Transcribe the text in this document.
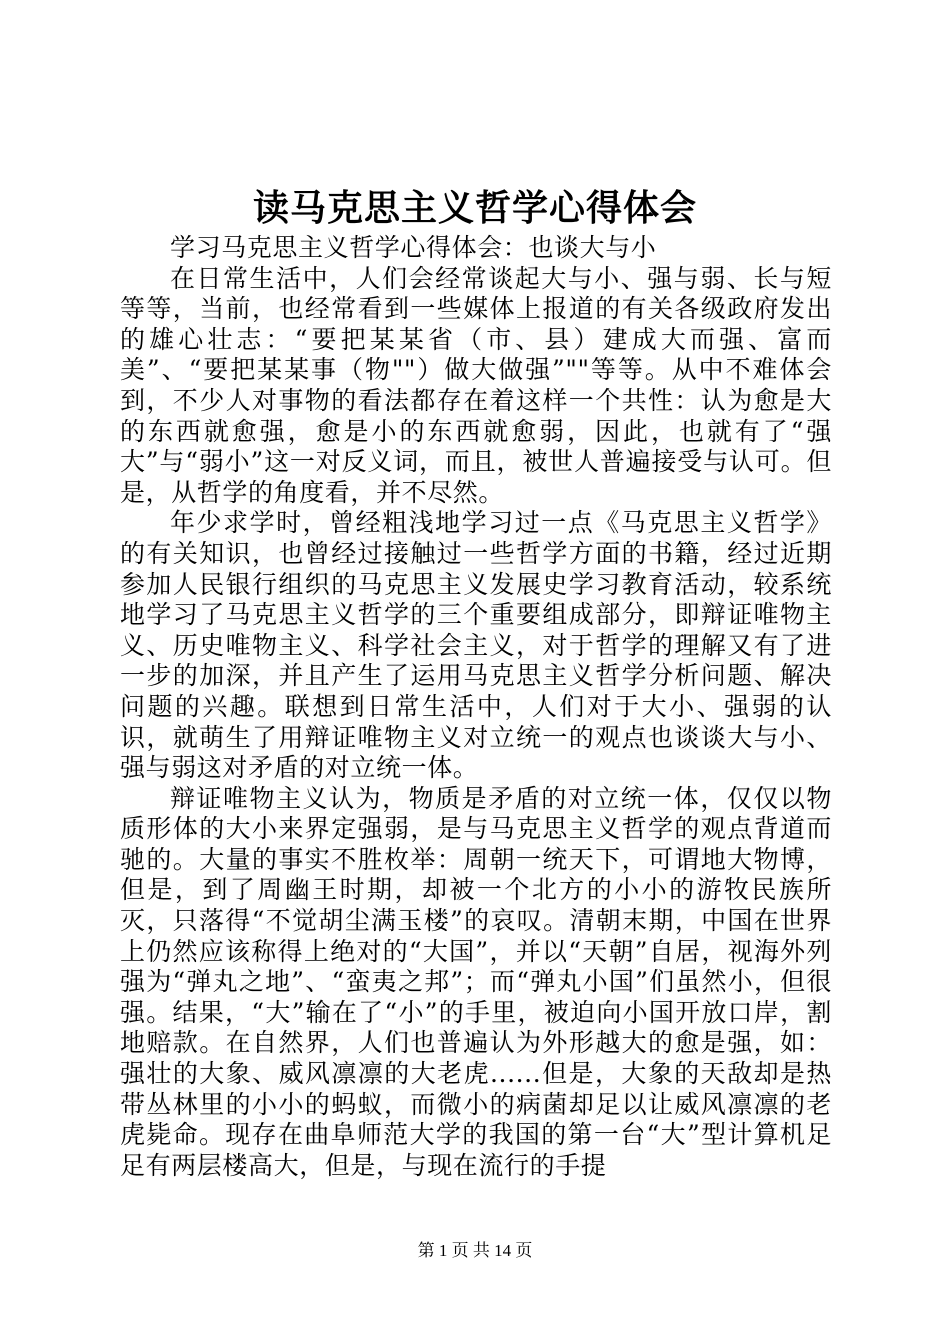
读马克思主义哲学心得体会

学习马克思主义哲学心得体会：也谈大与小

在日常生活中，人们会经常谈起大与小、强与弱、长与短等等，当前，也经常看到一些媒体上报道的有关各级政府发出的雄心壮志：“要把某某省（市、县）建成大而强、富而美”、“要把某某事（物""）做大做强”""等等。从中不难体会到，不少人对事物的看法都存在着这样一个共性：认为愈是大的东西就愈强，愈是小的东西就愈弱，因此，也就有了“强大”与“弱小”这一对反义词，而且，被世人普遍接受与认可。但是，从哲学的角度看，并不尽然。

年少求学时，曾经粗浅地学习过一点《马克思主义哲学》的有关知识，也曾经过接触过一些哲学方面的书籍，经过近期参加人民银行组织的马克思主义发展史学习教育活动，较系统地学习了马克思主义哲学的三个重要组成部分，即辩证唯物主义、历史唯物主义、科学社会主义，对于哲学的理解又有了进一步的加深，并且产生了运用马克思主义哲学分析问题、解决问题的兴趣。联想到日常生活中，人们对于大小、强弱的认识，就萌生了用辩证唯物主义对立统一的观点也谈谈大与小、强与弱这对矛盾的对立统一体。

辩证唯物主义认为，物质是矛盾的对立统一体，仅仅以物质形体的大小来界定强弱，是与马克思主义哲学的观点背道而驰的。大量的事实不胜枚举：周朝一统天下，可谓地大物博，但是，到了周幽王时期，却被一个北方的小小的游牧民族所灭，只落得“不觉胡尘满玉楼”的哀叹。清朝末期，中国在世界上仍然应该称得上绝对的“大国”，并以“天朝”自居，视海外列强为“弹丸之地”、“蛮夷之邦”；而“弹丸小国”们虽然小，但很强。结果，“大”输在了“小”的手里，被迫向小国开放口岸，割地赔款。在自然界，人们也普遍认为外形越大的愈是强，如：强壮的大象、威风凛凛的大老虎......但是，大象的天敌却是热带丛林里的小小的蚂蚁，而微小的病菌却足以让威风凛凛的老虎毙命。现存在曲阜师范大学的我国的第一台“大”型计算机足足有两层楼高大，但是，与现在流行的手提

第 1 页 共 14 页
